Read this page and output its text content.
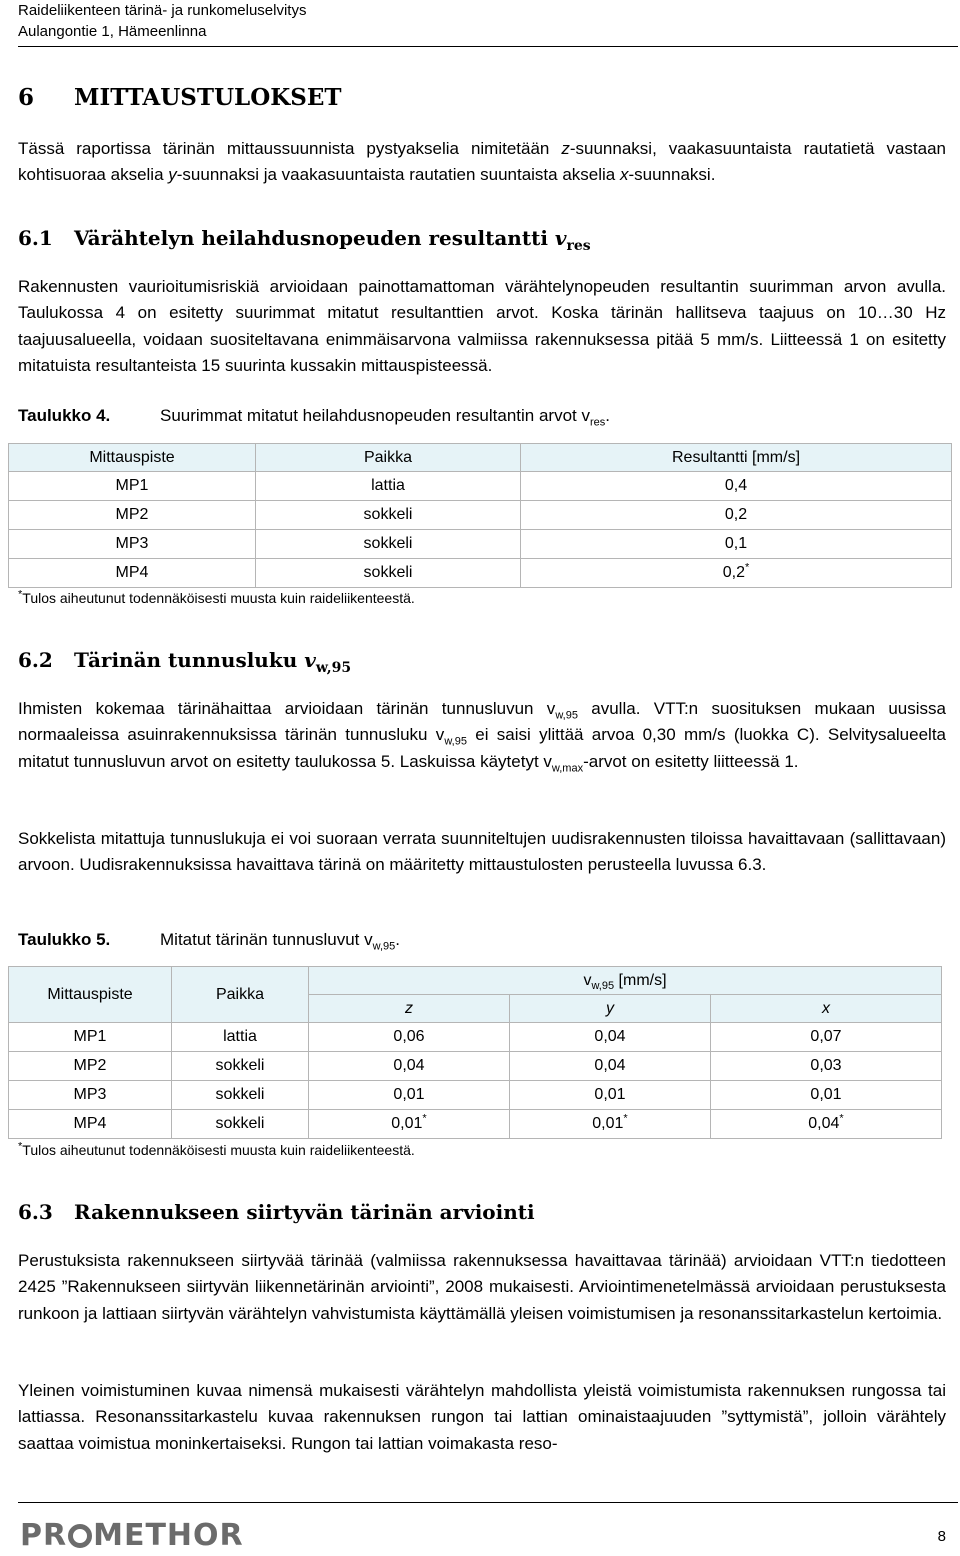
Raideliikenteen tärinä- ja runkomeluselvitys
Aulangontie 1, Hämeenlinna
6 MITTAUSTULOKSET

Tässä raportissa tärinän mittaussuunnista pystyakselia nimitetään z-suunnaksi, vaakasuuntaista rautatietä vastaan kohtisuoraa akselia y-suunnaksi ja vaakasuuntaista rautatien suuntaista akselia x-suunnaksi.

6.1 Värähtelyn heilahdusnopeuden resultantti $v_{res}$

Rakennusten vaurioitumisriskiä arvioidaan painottamattoman värähtelynopeuden resultantin suurimman arvon avulla. Taulukossa 4 on esitetty suurimmat mitatut resultanttien arvot. Koska tärinän hallitseva taajuus on 10…30 Hz taajuusalueella, voidaan suositeltavana enimmäisarvona valmiissa rakennuksessa pitää 5 mm/s. Liitteessä 1 on esitetty mitatuista resultanteista 15 suurinta kussakin mittauspisteessä.

Taulukko 4.	Suurimmat mitatut heilahdusnopeuden resultantin arvot $v_{res}$.
Mittauspiste	Paikka	Resultantti [mm/s]
MP1	lattia	0,4
MP2	sokkeli	0,2
MP3	sokkeli	0,1
MP4	sokkeli	0,2*
*Tulos aiheutunut todennäköisesti muusta kuin raideliikenteestä.
6.2 Tärinän tunnusluku $v_{w,95}$

Ihmisten kokemaa tärinähaittaa arvioidaan tärinän tunnusluvun $v_{w,95}$ avulla. VTT:n suosituksen mukaan uusissa normaaleissa asuinrakennuksissa tärinän tunnusluku $v_{w,95}$ ei saisi ylittää arvoa 0,30 mm/s (luokka C). Selvitysalueelta mitatut tunnusluvun arvot on esitetty taulukossa 5. Laskuissa käytetyt $v_{w,max}$-arvot on esitetty liitteessä 1.

Sokkelista mitattuja tunnuslukuja ei voi suoraan verrata suunniteltujen uudisrakennusten tiloissa havaittavaan (sallittavaan) arvoon. Uudisrakennuksissa havaittava tärinä on määritetty mittaustulosten perusteella luvussa 6.3.

Taulukko 5.	Mitatut tärinän tunnusluvut $v_{w,95}$.
Mittauspiste	Paikka	$v_{w,95}$ [mm/s]		
		z	y	x
MP1	lattia	0,06	0,04	0,07
MP2	sokkeli	0,04	0,04	0,03
MP3	sokkeli	0,01	0,01	0,01
MP4	sokkeli	0,01*	0,01*	0,04*
*Tulos aiheutunut todennäköisesti muusta kuin raideliikenteestä.
6.3 Rakennukseen siirtyvän tärinän arviointi

Perustuksista rakennukseen siirtyvää tärinää (valmiissa rakennuksessa havaittavaa tärinää) arvioidaan VTT:n tiedotteen 2425 ”Rakennukseen siirtyvän liikennetärinän arviointi”, 2008 mukaisesti. Arviointimenetelmässä arvioidaan perustuksesta runkoon ja lattiaan siirtyvän värähtelyn vahvistumista käyttämällä yleisen voimistumisen ja resonanssitarkastelun kertoimia.

Yleinen voimistuminen kuvaa nimensä mukaisesti värähtelyn mahdollista yleistä voimistumista rakennuksen rungossa tai lattiassa. Resonanssitarkastelu kuvaa rakennuksen rungon tai lattian ominaistaajuuden ”syttymistä”, jolloin värähtely saattaa voimistua moninkertaiseksi. Rungon tai lattian voimakasta reso-

PR METHOR	8
